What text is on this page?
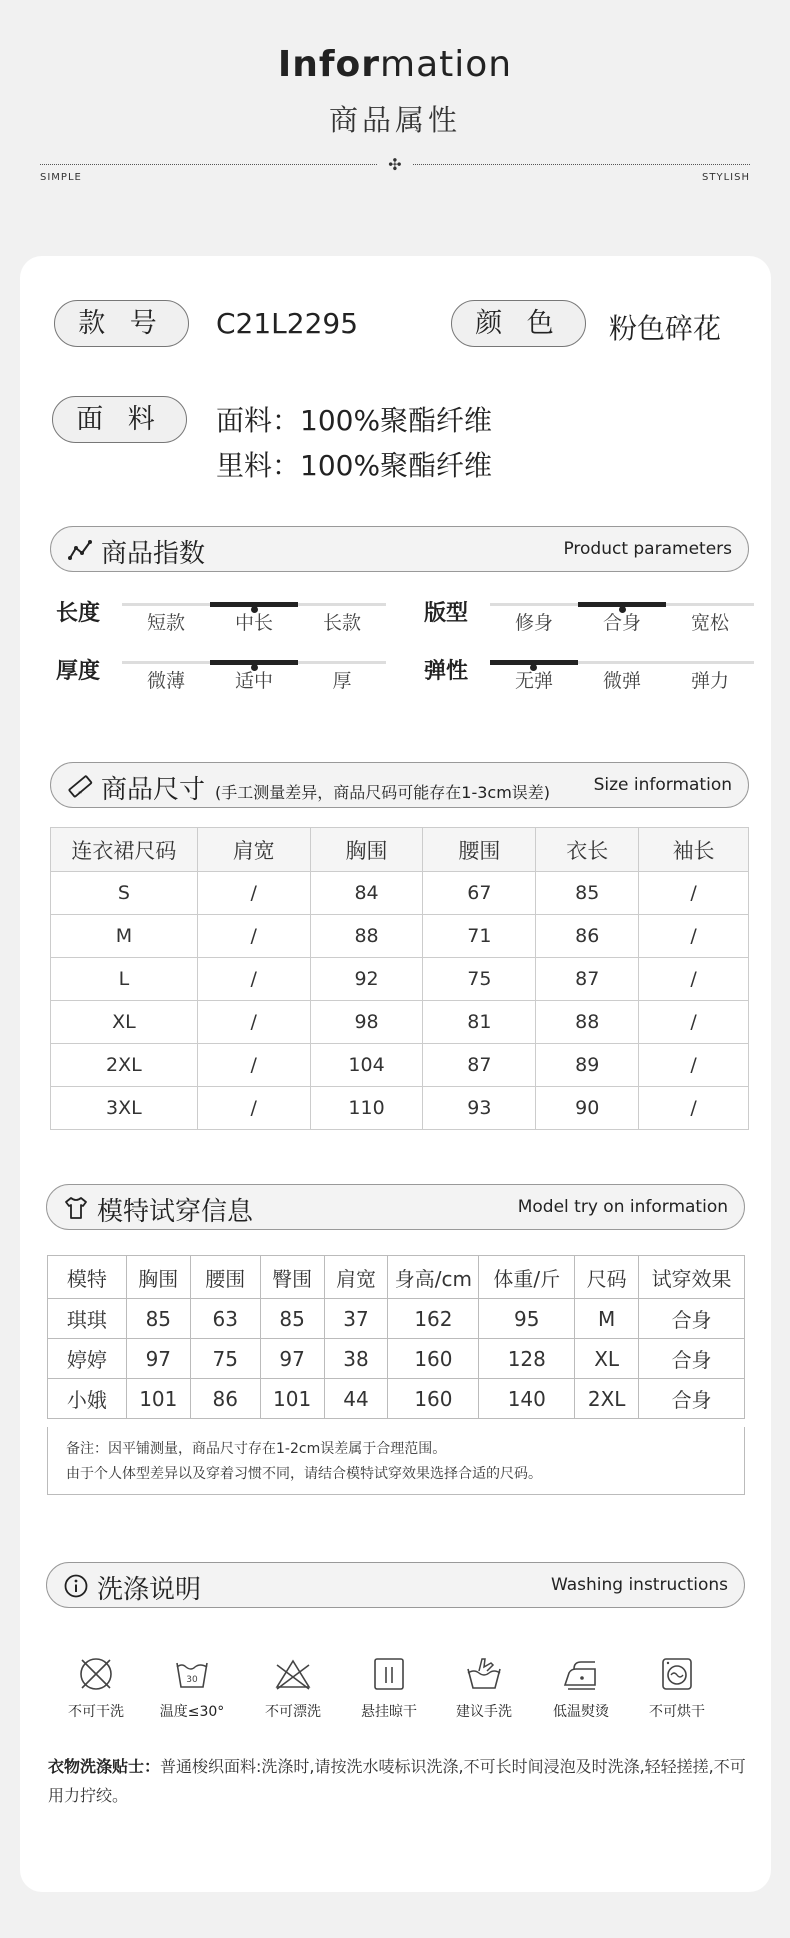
Information
商品属性
✣
SIMPLE	STYLISH
款 号	C21L2295	颜 色	粉色碎花
面 料	面料：100%聚酯纤维
里料：100%聚酯纤维
商品指数	Product parameters
长度	短款	中长	长款	版型	修身	合身	宽松
厚度	微薄	适中	厚	弹性	无弹	微弹	弹力
商品尺寸 (手工测量差异，商品尺码可能存在1-3cm误差)	Size information
连衣裙尺码	肩宽	胸围	腰围	衣长	袖长
S	/	84	67	85	/
M	/	88	71	86	/
L	/	92	75	87	/
XL	/	98	81	88	/
2XL	/	104	87	89	/
3XL	/	110	93	90	/
模特试穿信息	Model try on information
模特	胸围	腰围	臀围	肩宽	身高/cm	体重/斤	尺码	试穿效果
琪琪	85	63	85	37	162	95	M	合身
婷婷	97	75	97	38	160	128	XL	合身
小娥	101	86	101	44	160	140	2XL	合身
备注：因平铺测量，商品尺寸存在1-2cm误差属于合理范围。
由于个人体型差异以及穿着习惯不同，请结合模特试穿效果选择合适的尺码。
洗涤说明	Washing instructions
不可干洗
30
温度≤30°	不可漂洗	悬挂晾干	建议手洗	低温熨烫	不可烘干
衣物洗涤贴士：普通梭织面料:洗涤时,请按洗水唛标识洗涤,不可长时间浸泡及时洗涤,轻轻搓搓,不可用力拧绞。
